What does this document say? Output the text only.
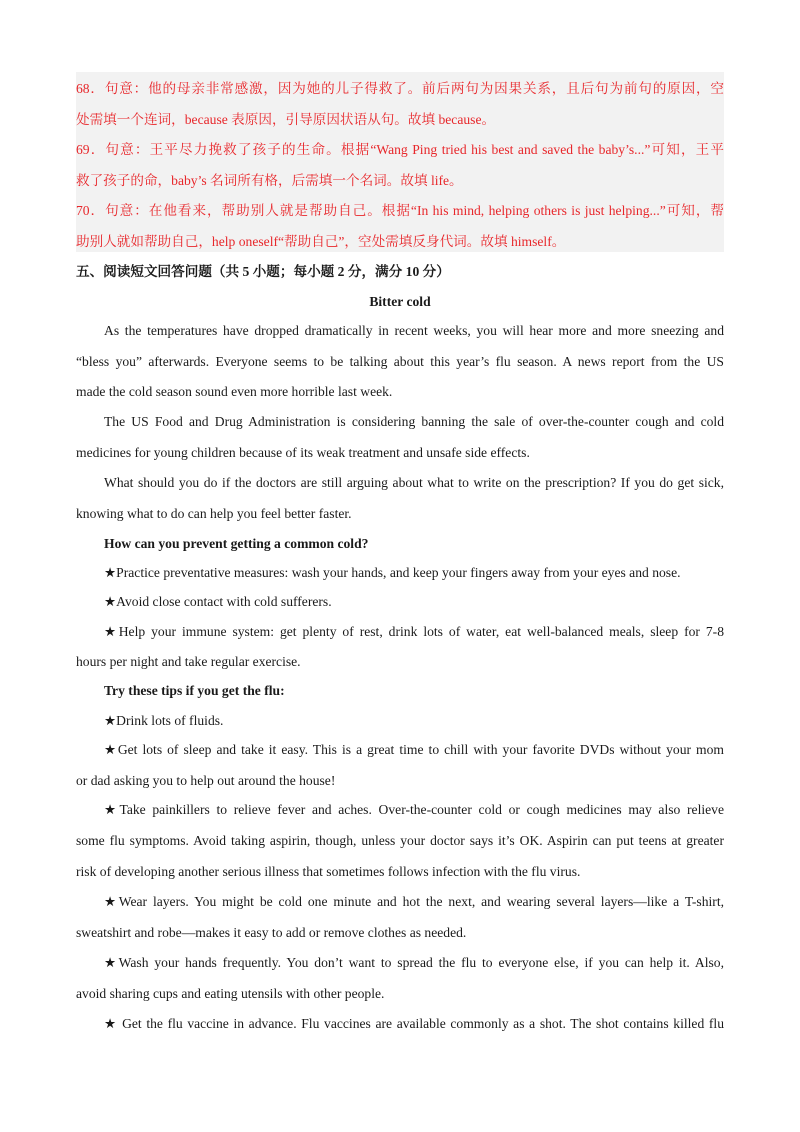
68．句意：他的母亲非常感激，因为她的儿子得救了。前后两句为因果关系，且后句为前句的原因，空
处需填一个连词，because 表原因，引导原因状语从句。故填 because。
69．句意：王平尽力挽救了孩子的生命。根据“Wang Ping tried his best and saved the baby’s...”可知，王平
救了孩子的命，baby’s 名词所有格，后需填一个名词。故填 life。
70．句意：在他看来，帮助别人就是帮助自己。根据“In his mind, helping others is just helping...”可知，帮
助别人就如帮助自己，help oneself“帮助自己”，空处需填反身代词。故填 himself。
五、阅读短文回答问题（共 5 小题；每小题 2 分，满分 10 分）
Bitter cold
As the temperatures have dropped dramatically in recent weeks, you will hear more and more sneezing and
“bless you” afterwards. Everyone seems to be talking about this year’s flu season. A news report from the US
made the cold season sound even more horrible last week.
The US Food and Drug Administration is considering banning the sale of over-the-counter cough and cold
medicines for young children because of its weak treatment and unsafe side effects.
What should you do if the doctors are still arguing about what to write on the prescription? If you do get sick,
knowing what to do can help you feel better faster.
How can you prevent getting a common cold?
★Practice preventative measures: wash your hands, and keep your fingers away from your eyes and nose.
★Avoid close contact with cold sufferers.
★Help your immune system: get plenty of rest, drink lots of water, eat well-balanced meals, sleep for 7-8
hours per night and take regular exercise.
Try these tips if you get the flu:
★Drink lots of fluids.
★Get lots of sleep and take it easy. This is a great time to chill with your favorite DVDs without your mom
or dad asking you to help out around the house!
★Take painkillers to relieve fever and aches. Over-the-counter cold or cough medicines may also relieve
some flu symptoms. Avoid taking aspirin, though, unless your doctor says it’s OK. Aspirin can put teens at greater
risk of developing another serious illness that sometimes follows infection with the flu virus.
★Wear layers. You might be cold one minute and hot the next, and wearing several layers—like a T-shirt,
sweatshirt and robe—makes it easy to add or remove clothes as needed.
★Wash your hands frequently. You don’t want to spread the flu to everyone else, if you can help it. Also,
avoid sharing cups and eating utensils with other people.
★ Get the flu vaccine in advance. Flu vaccines are available commonly as a shot. The shot contains killed flu
